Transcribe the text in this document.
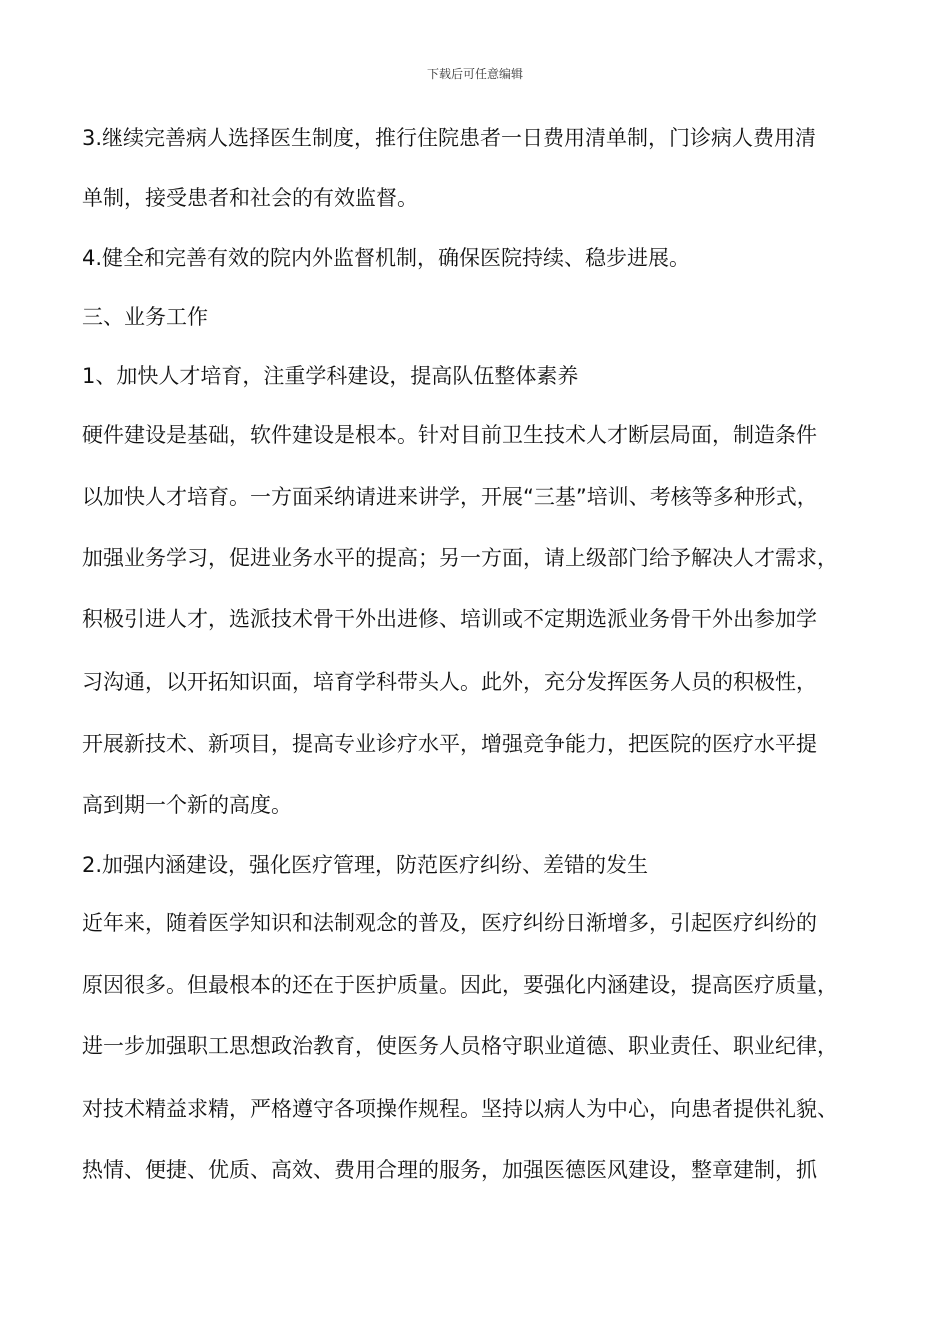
下载后可任意编辑
3.继续完善病人选择医生制度，推行住院患者一日费用清单制，门诊病人费用清
单制，接受患者和社会的有效监督。
4.健全和完善有效的院内外监督机制，确保医院持续、稳步进展。
三、业务工作
1、加快人才培育，注重学科建设，提高队伍整体素养
硬件建设是基础，软件建设是根本。针对目前卫生技术人才断层局面，制造条件
以加快人才培育。一方面采纳请进来讲学，开展“三基”培训、考核等多种形式，
加强业务学习，促进业务水平的提高；另一方面，请上级部门给予解决人才需求，
积极引进人才，选派技术骨干外出进修、培训或不定期选派业务骨干外出参加学
习沟通，以开拓知识面，培育学科带头人。此外，充分发挥医务人员的积极性，
开展新技术、新项目，提高专业诊疗水平，增强竞争能力，把医院的医疗水平提
高到期一个新的高度。
2.加强内涵建设，强化医疗管理，防范医疗纠纷、差错的发生
近年来，随着医学知识和法制观念的普及，医疗纠纷日渐增多，引起医疗纠纷的
原因很多。但最根本的还在于医护质量。因此，要强化内涵建设，提高医疗质量，
进一步加强职工思想政治教育，使医务人员格守职业道德、职业责任、职业纪律，
对技术精益求精，严格遵守各项操作规程。坚持以病人为中心，向患者提供礼貌、
热情、便捷、优质、高效、费用合理的服务，加强医德医风建设，整章建制，抓
